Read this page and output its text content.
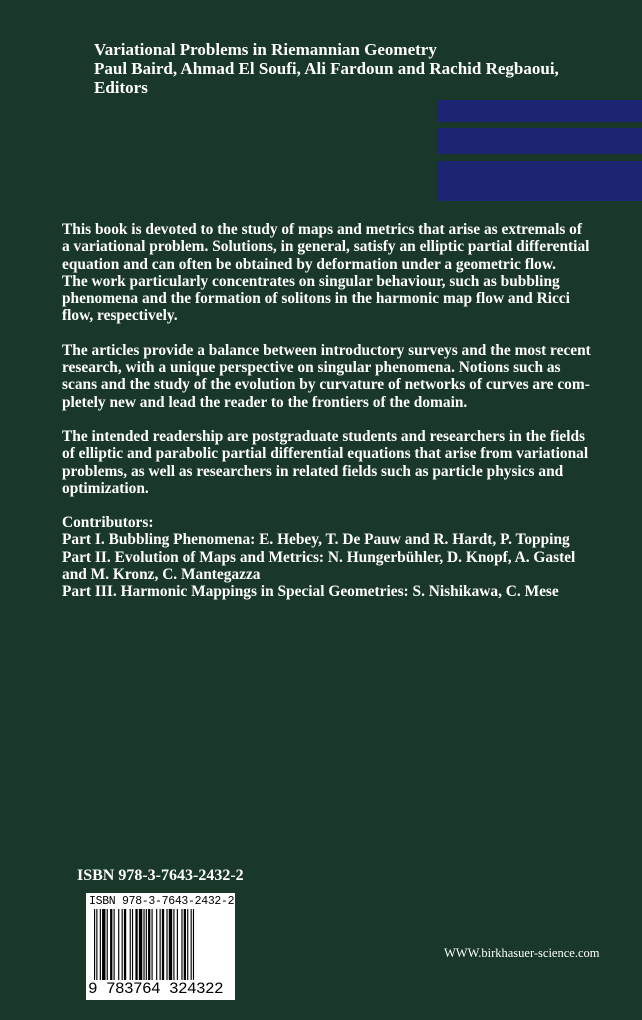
Variational Problems in Riemannian Geometry
Paul Baird, Ahmad El Soufi, Ali Fardoun and Rachid Regbaoui,
Editors

This book is devoted to the study of maps and metrics that arise as extremals of
a variational problem. Solutions, in general, satisfy an elliptic partial differential
equation and can often be obtained by deformation under a geometric flow.
The work particularly concentrates on singular behaviour, such as bubbling
phenomena and the formation of solitons in the harmonic map flow and Ricci
flow, respectively.

The articles provide a balance between introductory surveys and the most recent
research, with a unique perspective on singular phenomena. Notions such as
scans and the study of the evolution by curvature of networks of curves are com-
pletely new and lead the reader to the frontiers of the domain.

The intended readership are postgraduate students and researchers in the fields
of elliptic and parabolic partial differential equations that arise from variational
problems, as well as researchers in related fields such as particle physics and
optimization.

Contributors:
Part I. Bubbling Phenomena: E. Hebey, T. De Pauw and R. Hardt, P. Topping
Part II. Evolution of Maps and Metrics: N. Hungerbühler, D. Knopf, A. Gastel
and M. Kronz, C. Mantegazza
Part III. Harmonic Mappings in Special Geometries: S. Nishikawa, C. Mese
ISBN 978-3-7643-2432-2
ISBN 978-3-7643-2432-2
9 783764 324322
WWW.birkhasuer-science.com
